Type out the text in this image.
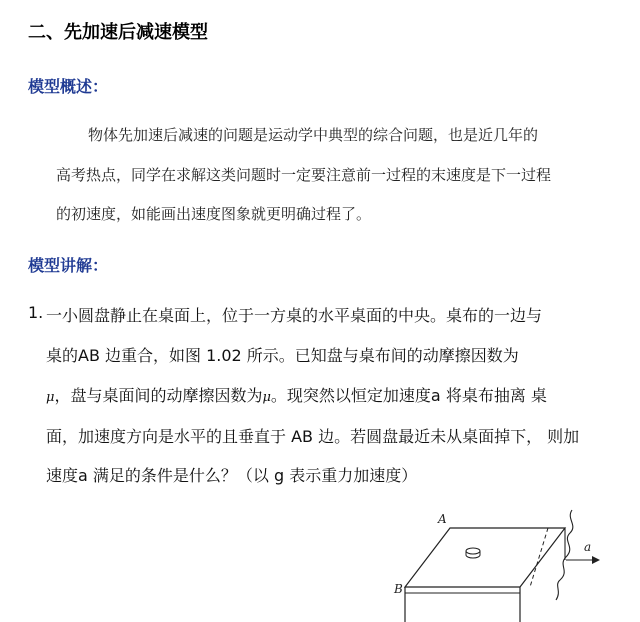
二、先加速后减速模型
模型概述：
物体先加速后减速的问题是运动学中典型的综合问题，也是近几年的
高考热点，同学在求解这类问题时一定要注意前一过程的末速度是下一过程
的初速度，如能画出速度图象就更明确过程了。
模型讲解：
1. 一小圆盘静止在桌面上，位于一方桌的水平桌面的中央。桌布的一边与
桌的AB 边重合，如图 1.02 所示。已知盘与桌布间的动摩擦因数为
μ，盘与桌面间的动摩擦因数为μ。现突然以恒定加速度a 将桌布抽离 桌
面，加速度方向是水平的且垂直于 AB 边。若圆盘最近未从桌面掉下， 则加
速度a 满足的条件是什么？（以 g 表示重力加速度）
A
B
a
